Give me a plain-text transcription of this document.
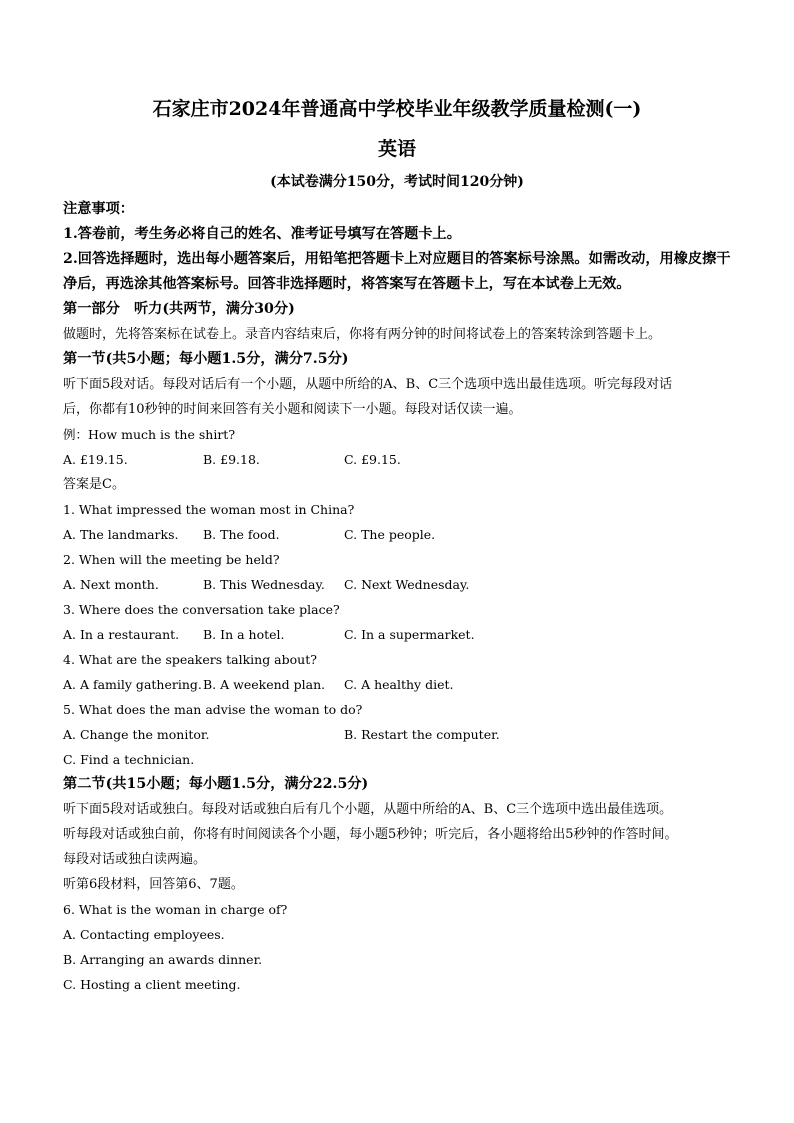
石家庄市2024年普通高中学校毕业年级教学质量检测(一)
英语
(本试卷满分150分，考试时间120分钟)
注意事项：
1.答卷前，考生务必将自己的姓名、准考证号填写在答题卡上。
2.回答选择题时，选出每小题答案后，用铅笔把答题卡上对应题目的答案标号涂黑。如需改动，用橡皮擦干净后，再选涂其他答案标号。回答非选择题时，将答案写在答题卡上，写在本试卷上无效。
第一部分　听力(共两节，满分30分)
做题时，先将答案标在试卷上。录音内容结束后，你将有两分钟的时间将试卷上的答案转涂到答题卡上。
第一节(共5小题；每小题1.5分，满分7.5分)
听下面5段对话。每段对话后有一个小题，从题中所给的A、B、C三个选项中选出最佳选项。听完每段对话
后，你都有10秒钟的时间来回答有关小题和阅读下一小题。每段对话仅读一遍。
例：How much is the shirt?
A. £19.15.	B. £9.18.	C. £9.15.
答案是C。
1. What impressed the woman most in China?
A. The landmarks. B. The food.	C. The people.
2. When will the meeting be held?
A. Next month.	B. This Wednesday. C. Next Wednesday.
3. Where does the conversation take place?
A. In a restaurant. B. In a hotel.	C. In a supermarket.
4. What are the speakers talking about?
A. A family gathering. B. A weekend plan. C. A healthy diet.
5. What does the man advise the woman to do?
A. Change the monitor.	B. Restart the computer.
C. Find a technician.
第二节(共15小题；每小题1.5分，满分22.5分)
听下面5段对话或独白。每段对话或独白后有几个小题，从题中所给的A、B、C三个选项中选出最佳选项。
听每段对话或独白前，你将有时间阅读各个小题，每小题5秒钟；听完后，各小题将给出5秒钟的作答时间。
每段对话或独白读两遍。
听第6段材料，回答第6、7题。
6. What is the woman in charge of?
A. Contacting employees.
B. Arranging an awards dinner.
C. Hosting a client meeting.
